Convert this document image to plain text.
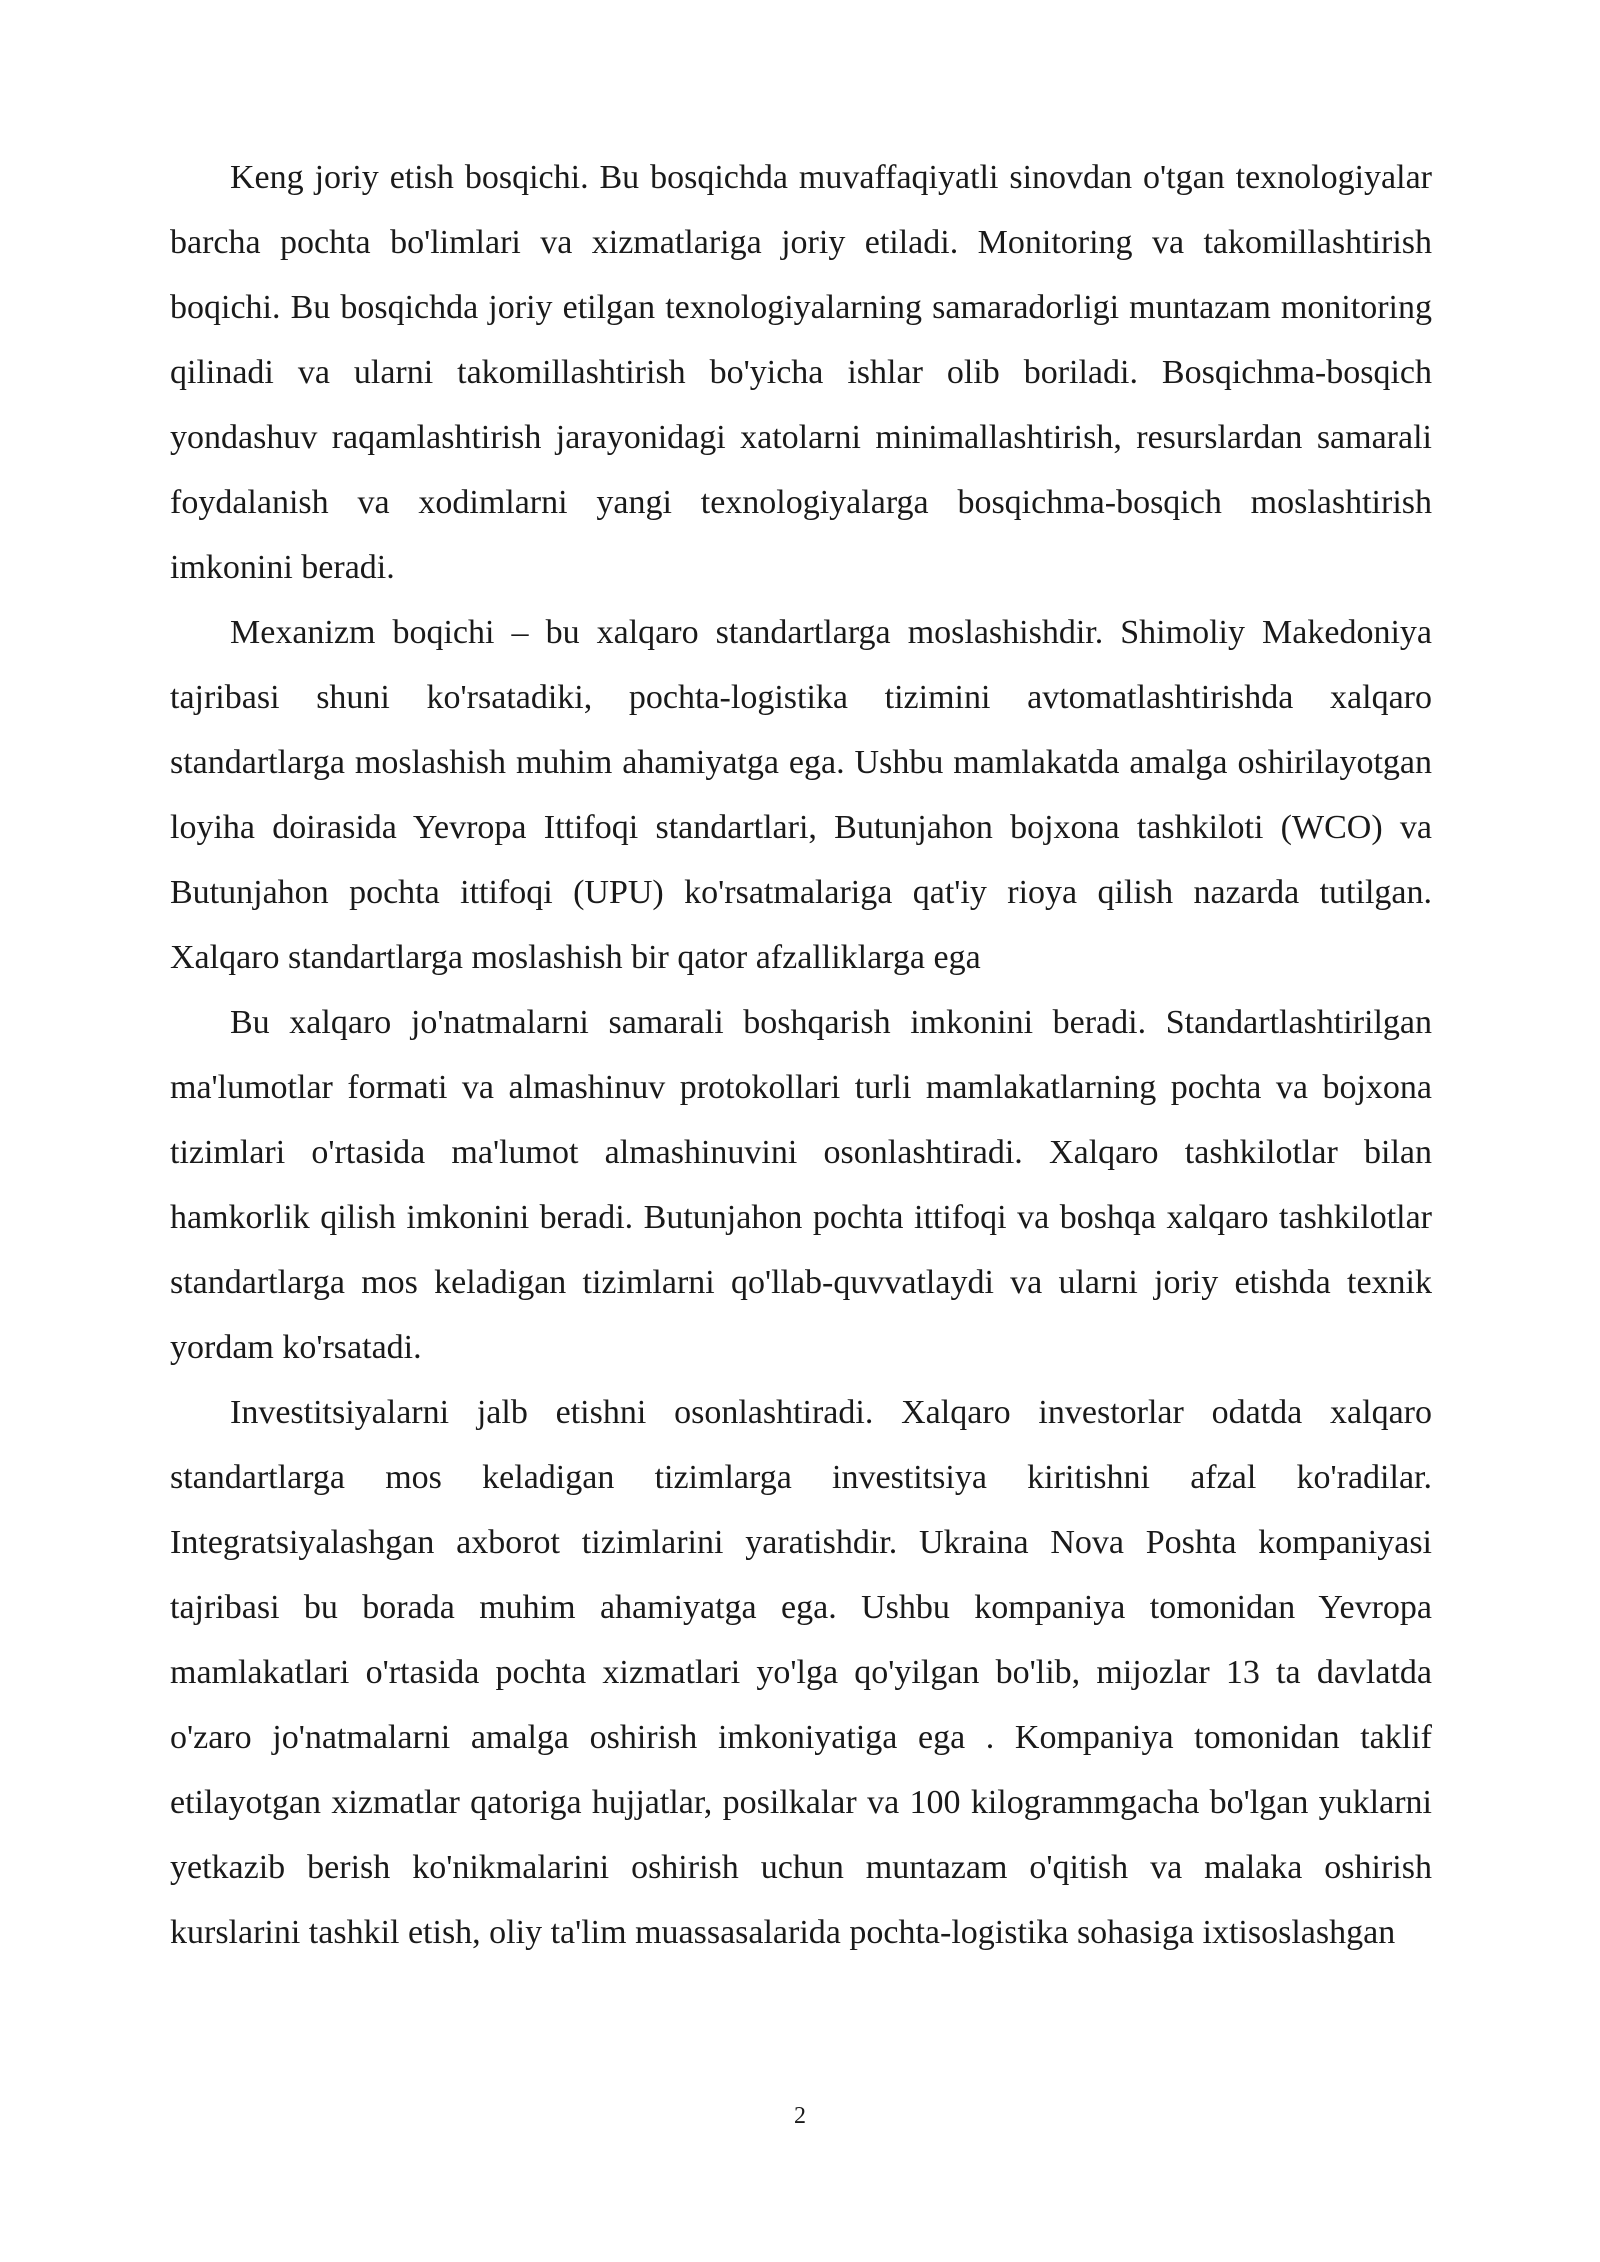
Keng joriy etish bosqichi. Bu bosqichda muvaffaqiyatli sinovdan o'tgan texnologiyalar barcha pochta bo'limlari va xizmatlariga joriy etiladi. Monitoring va takomillashtirish boqichi. Bu bosqichda joriy etilgan texnologiyalarning samaradorligi muntazam monitoring qilinadi va ularni takomillashtirish bo'yicha ishlar olib boriladi. Bosqichma-bosqich yondashuv raqamlashtirish jarayonidagi xatolarni minimallashtirish, resurslardan samarali foydalanish va xodimlarni yangi texnologiyalarga bosqichma-bosqich moslashtirish imkonini beradi.

Mexanizm boqichi – bu xalqaro standartlarga moslashishdir. Shimoliy Makedoniya tajribasi shuni ko'rsatadiki, pochta-logistika tizimini avtomatlashtirishda xalqaro standartlarga moslashish muhim ahamiyatga ega. Ushbu mamlakatda amalga oshirilayotgan loyiha doirasida Yevropa Ittifoqi standartlari, Butunjahon bojxona tashkiloti (WCO) va Butunjahon pochta ittifoqi (UPU) ko'rsatmalariga qat'iy rioya qilish nazarda tutilgan. Xalqaro standartlarga moslashish bir qator afzalliklarga ega

Bu xalqaro jo'natmalarni samarali boshqarish imkonini beradi. Standartlashtirilgan ma'lumotlar formati va almashinuv protokollari turli mamlakatlarning pochta va bojxona tizimlari o'rtasida ma'lumot almashinuvini osonlashtiradi. Xalqaro tashkilotlar bilan hamkorlik qilish imkonini beradi. Butunjahon pochta ittifoqi va boshqa xalqaro tashkilotlar standartlarga mos keladigan tizimlarni qo'llab-quvvatlaydi va ularni joriy etishda texnik yordam ko'rsatadi.

Investitsiyalarni jalb etishni osonlashtiradi. Xalqaro investorlar odatda xalqaro standartlarga mos keladigan tizimlarga investitsiya kiritishni afzal ko'radilar. Integratsiyalashgan axborot tizimlarini yaratishdir. Ukraina Nova Poshta kompaniyasi tajribasi bu borada muhim ahamiyatga ega. Ushbu kompaniya tomonidan Yevropa mamlakatlari o'rtasida pochta xizmatlari yo'lga qo'yilgan bo'lib, mijozlar 13 ta davlatda o'zaro jo'natmalarni amalga oshirish imkoniyatiga ega . Kompaniya tomonidan taklif etilayotgan xizmatlar qatoriga hujjatlar, posilkalar va 100 kilogrammgacha bo'lgan yuklarni yetkazib berish ko'nikmalarini oshirish uchun muntazam o'qitish va malaka oshirish kurslarini tashkil etish, oliy ta'lim muassasalarida pochta-logistika sohasiga ixtisoslashgan

2
